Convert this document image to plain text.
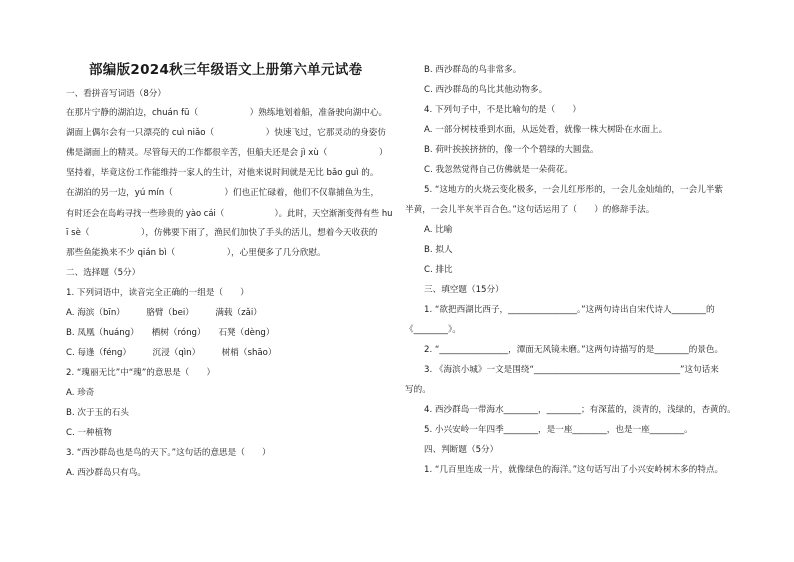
部编版2024秋三年级语文上册第六单元试卷
一、看拼音写词语（8分）
在那片宁静的湖泊边，chuán fū（　　　　　　）熟练地划着船，准备驶向湖中心。
湖面上偶尔会有一只漂亮的 cuì niǎo（　　　　　　）快速飞过，它那灵动的身姿仿
佛是湖面上的精灵。尽管每天的工作都很辛苦，但船夫还是会 jì xù（　　　　　　）
坚持着，毕竟这份工作能维持一家人的生计，对他来说时间就是无比 bǎo guì 的。
在湖泊的另一边，yú mín（　　　　　　）们也正忙碌着，他们不仅靠捕鱼为生，
有时还会在岛屿寻找一些珍贵的 yào cái（　　　　　　）。此时，天空渐渐变得有些 hu
ī sè（　　　　　　），仿佛要下雨了，渔民们加快了手头的活儿，想着今天收获的
那些鱼能换来不少 qián bì（　　　　　　），心里便多了几分欣慰。
二、选择题（5分）
1. 下列词语中，读音完全正确的一组是（　　）
A. 海滨（bīn）　　　胳臂（bei）　　　满载（zǎi）
B. 凤凰（huáng）　　栖树（róng）　　石凳（dèng）
C. 每逢（féng）　　　沉浸（qìn）　　　树梢（shāo）
2. “瑰丽无比”中“瑰”的意思是（　　）
A. 珍奇
B. 次于玉的石头
C. 一种植物
3. “西沙群岛也是鸟的天下。”这句话的意思是（　　）
A. 西沙群岛只有鸟。
B. 西沙群岛的鸟非常多。
C. 西沙群岛的鸟比其他动物多。
4. 下列句子中，不是比喻句的是（　　）
A. 一部分树枝垂到水面，从远处看，就像一株大树卧在水面上。
B. 荷叶挨挨挤挤的，像一个个碧绿的大圆盘。
C. 我忽然觉得自己仿佛就是一朵荷花。
5. “这地方的火烧云变化极多，一会儿红彤彤的，一会儿金灿灿的，一会儿半紫
半黄，一会儿半灰半百合色。”这句话运用了（　　）的修辞手法。
A. 比喻
B. 拟人
C. 排比
三、填空题（15分）
1. “欲把西湖比西子，________________。”这两句诗出自宋代诗人________的
《________》。
2. “________________，潭面无风镜未磨。”这两句诗描写的是________的景色。
3. 《海滨小城》一文是围绕“__________________________________”这句话来
写的。
4. 西沙群岛一带海水________，________；有深蓝的，淡青的，浅绿的，杏黄的。
5. 小兴安岭一年四季________，是一座________，也是一座________。
四、判断题（5分）
1. “几百里连成一片，就像绿色的海洋。”这句话写出了小兴安岭树木多的特点。
